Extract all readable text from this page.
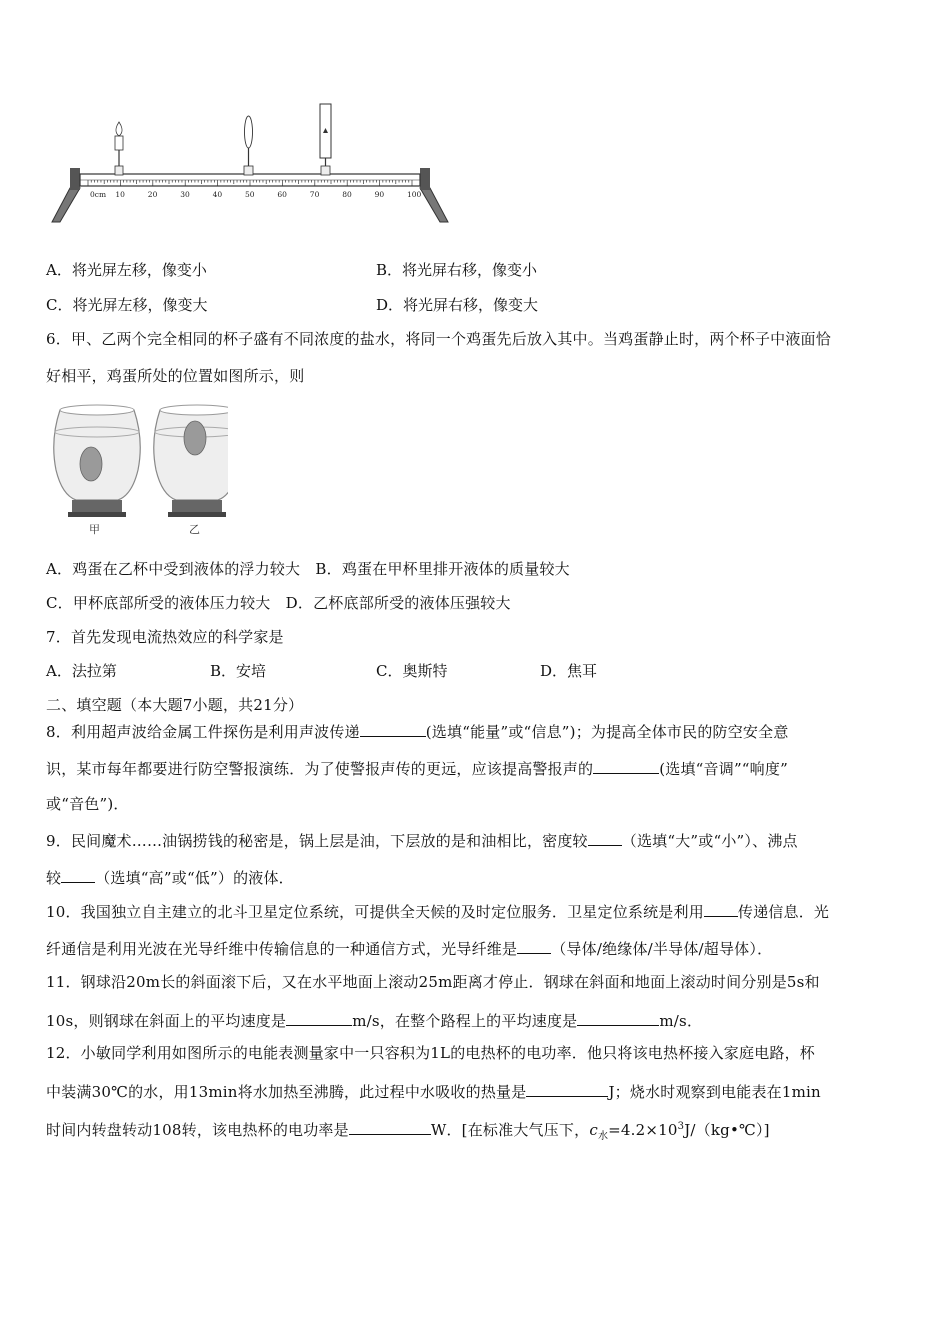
0cm 10	20	30	40	50	60	70	80	90	100
A．将光屏左移，像变小	B．将光屏右移，像变小
C．将光屏左移，像变大	D．将光屏右移，像变大
6．甲、乙两个完全相同的杯子盛有不同浓度的盐水，将同一个鸡蛋先后放入其中。当鸡蛋静止时，两个杯子中液面恰
好相平，鸡蛋所处的位置如图所示，则
甲	乙
A．鸡蛋在乙杯中受到液体的浮力较大　B．鸡蛋在甲杯里排开液体的质量较大
C．甲杯底部所受的液体压力较大　D．乙杯底部所受的液体压强较大
7．首先发现电流热效应的科学家是
A．法拉第	B．安培	C．奥斯特	D．焦耳
二、填空题（本大题7小题，共21分）
8．利用超声波给金属工件探伤是利用声波传递	(选填“能量”或“信息”)；为提高全体市民的防空安全意
识，某市每年都要进行防空警报演练．为了使警报声传的更远，应该提高警报声的	(选填“音调”“响度”
或“音色”)．
9．民间魔术……油锅捞钱的秘密是，锅上层是油，下层放的是和油相比，密度较 （选填“大”或“小”）、沸点
较 （选填“高”或“低”）的液体．
10．我国独立自主建立的北斗卫星定位系统，可提供全天候的及时定位服务．卫星定位系统是利用 传递信息．光
纤通信是利用光波在光导纤维中传输信息的一种通信方式，光导纤维是 （导体/绝缘体/半导体/超导体）．
11．钢球沿20m长的斜面滚下后，又在水平地面上滚动25m距离才停止．钢球在斜面和地面上滚动时间分别是5s和
10s，则钢球在斜面上的平均速度是	m/s，在整个路程上的平均速度是	m/s．
12．小敏同学利用如图所示的电能表测量家中一只容积为1L的电热杯的电功率．他只将该电热杯接入家庭电路，杯
中装满30℃的水，用13min将水加热至沸腾，此过程中水吸收的热量是	J；烧水时观察到电能表在1min
时间内转盘转动108转，该电热杯的电功率是	W．[在标准大气压下，$c_水=4.2\times 10^3J/(kg•℃)$]
